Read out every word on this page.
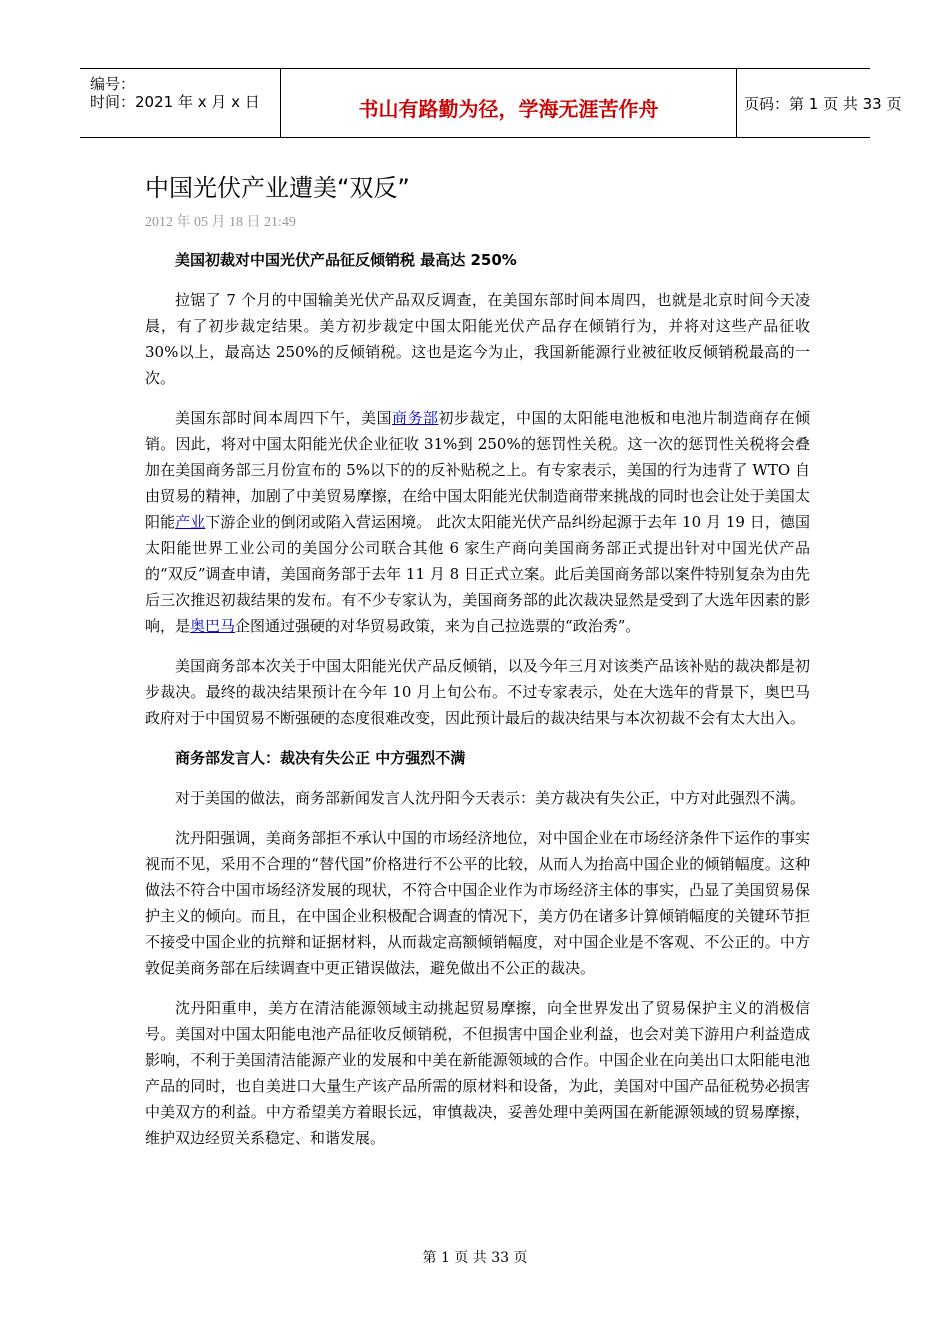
编号：
时间：2021 年 x 月 x 日	书山有路勤为径，学海无涯苦作舟	页码：第 1 页 共 33 页
中国光伏产业遭美“双反”
2012 年 05 月 18 日 21:49

美国初裁对中国光伏产品征反倾销税 最高达 250%

拉锯了 7 个月的中国输美光伏产品双反调查，在美国东部时间本周四，也就是北京时间今天凌晨，有了初步裁定结果。美方初步裁定中国太阳能光伏产品存在倾销行为，并将对这些产品征收 30%以上，最高达 250%的反倾销税。这也是迄今为止，我国新能源行业被征收反倾销税最高的一次。

美国东部时间本周四下午，美国商务部初步裁定，中国的太阳能电池板和电池片制造商存在倾销。因此，将对中国太阳能光伏企业征收 31%到 250%的惩罚性关税。这一次的惩罚性关税将会叠加在美国商务部三月份宣布的 5%以下的的反补贴税之上。有专家表示，美国的行为违背了 WTO 自由贸易的精神，加剧了中美贸易摩擦，在给中国太阳能光伏制造商带来挑战的同时也会让处于美国太阳能产业下游企业的倒闭或陷入营运困境。 此次太阳能光伏产品纠纷起源于去年 10 月 19 日，德国太阳能世界工业公司的美国分公司联合其他 6 家生产商向美国商务部正式提出针对中国光伏产品的“双反”调查申请，美国商务部于去年 11 月 8 日正式立案。此后美国商务部以案件特别复杂为由先后三次推迟初裁结果的发布。有不少专家认为，美国商务部的此次裁决显然是受到了大选年因素的影响，是奥巴马企图通过强硬的对华贸易政策，来为自己拉选票的“政治秀”。

美国商务部本次关于中国太阳能光伏产品反倾销，以及今年三月对该类产品该补贴的裁决都是初步裁决。最终的裁决结果预计在今年 10 月上旬公布。不过专家表示，处在大选年的背景下，奥巴马政府对于中国贸易不断强硬的态度很难改变，因此预计最后的裁决结果与本次初裁不会有太大出入。

商务部发言人：裁决有失公正 中方强烈不满

对于美国的做法，商务部新闻发言人沈丹阳今天表示：美方裁决有失公正，中方对此强烈不满。

沈丹阳强调，美商务部拒不承认中国的市场经济地位，对中国企业在市场经济条件下运作的事实视而不见，采用不合理的“替代国”价格进行不公平的比较，从而人为抬高中国企业的倾销幅度。这种做法不符合中国市场经济发展的现状，不符合中国企业作为市场经济主体的事实，凸显了美国贸易保护主义的倾向。而且，在中国企业积极配合调查的情况下，美方仍在诸多计算倾销幅度的关键环节拒不接受中国企业的抗辩和证据材料，从而裁定高额倾销幅度，对中国企业是不客观、不公正的。中方敦促美商务部在后续调查中更正错误做法，避免做出不公正的裁决。

沈丹阳重申，美方在清洁能源领域主动挑起贸易摩擦，向全世界发出了贸易保护主义的消极信号。美国对中国太阳能电池产品征收反倾销税，不但损害中国企业利益，也会对美下游用户利益造成影响，不利于美国清洁能源产业的发展和中美在新能源领域的合作。中国企业在向美出口太阳能电池产品的同时，也自美进口大量生产该产品所需的原材料和设备，为此，美国对中国产品征税势必损害中美双方的利益。中方希望美方着眼长远，审慎裁决，妥善处理中美两国在新能源领域的贸易摩擦，维护双边经贸关系稳定、和谐发展。

第 1 页 共 33 页
